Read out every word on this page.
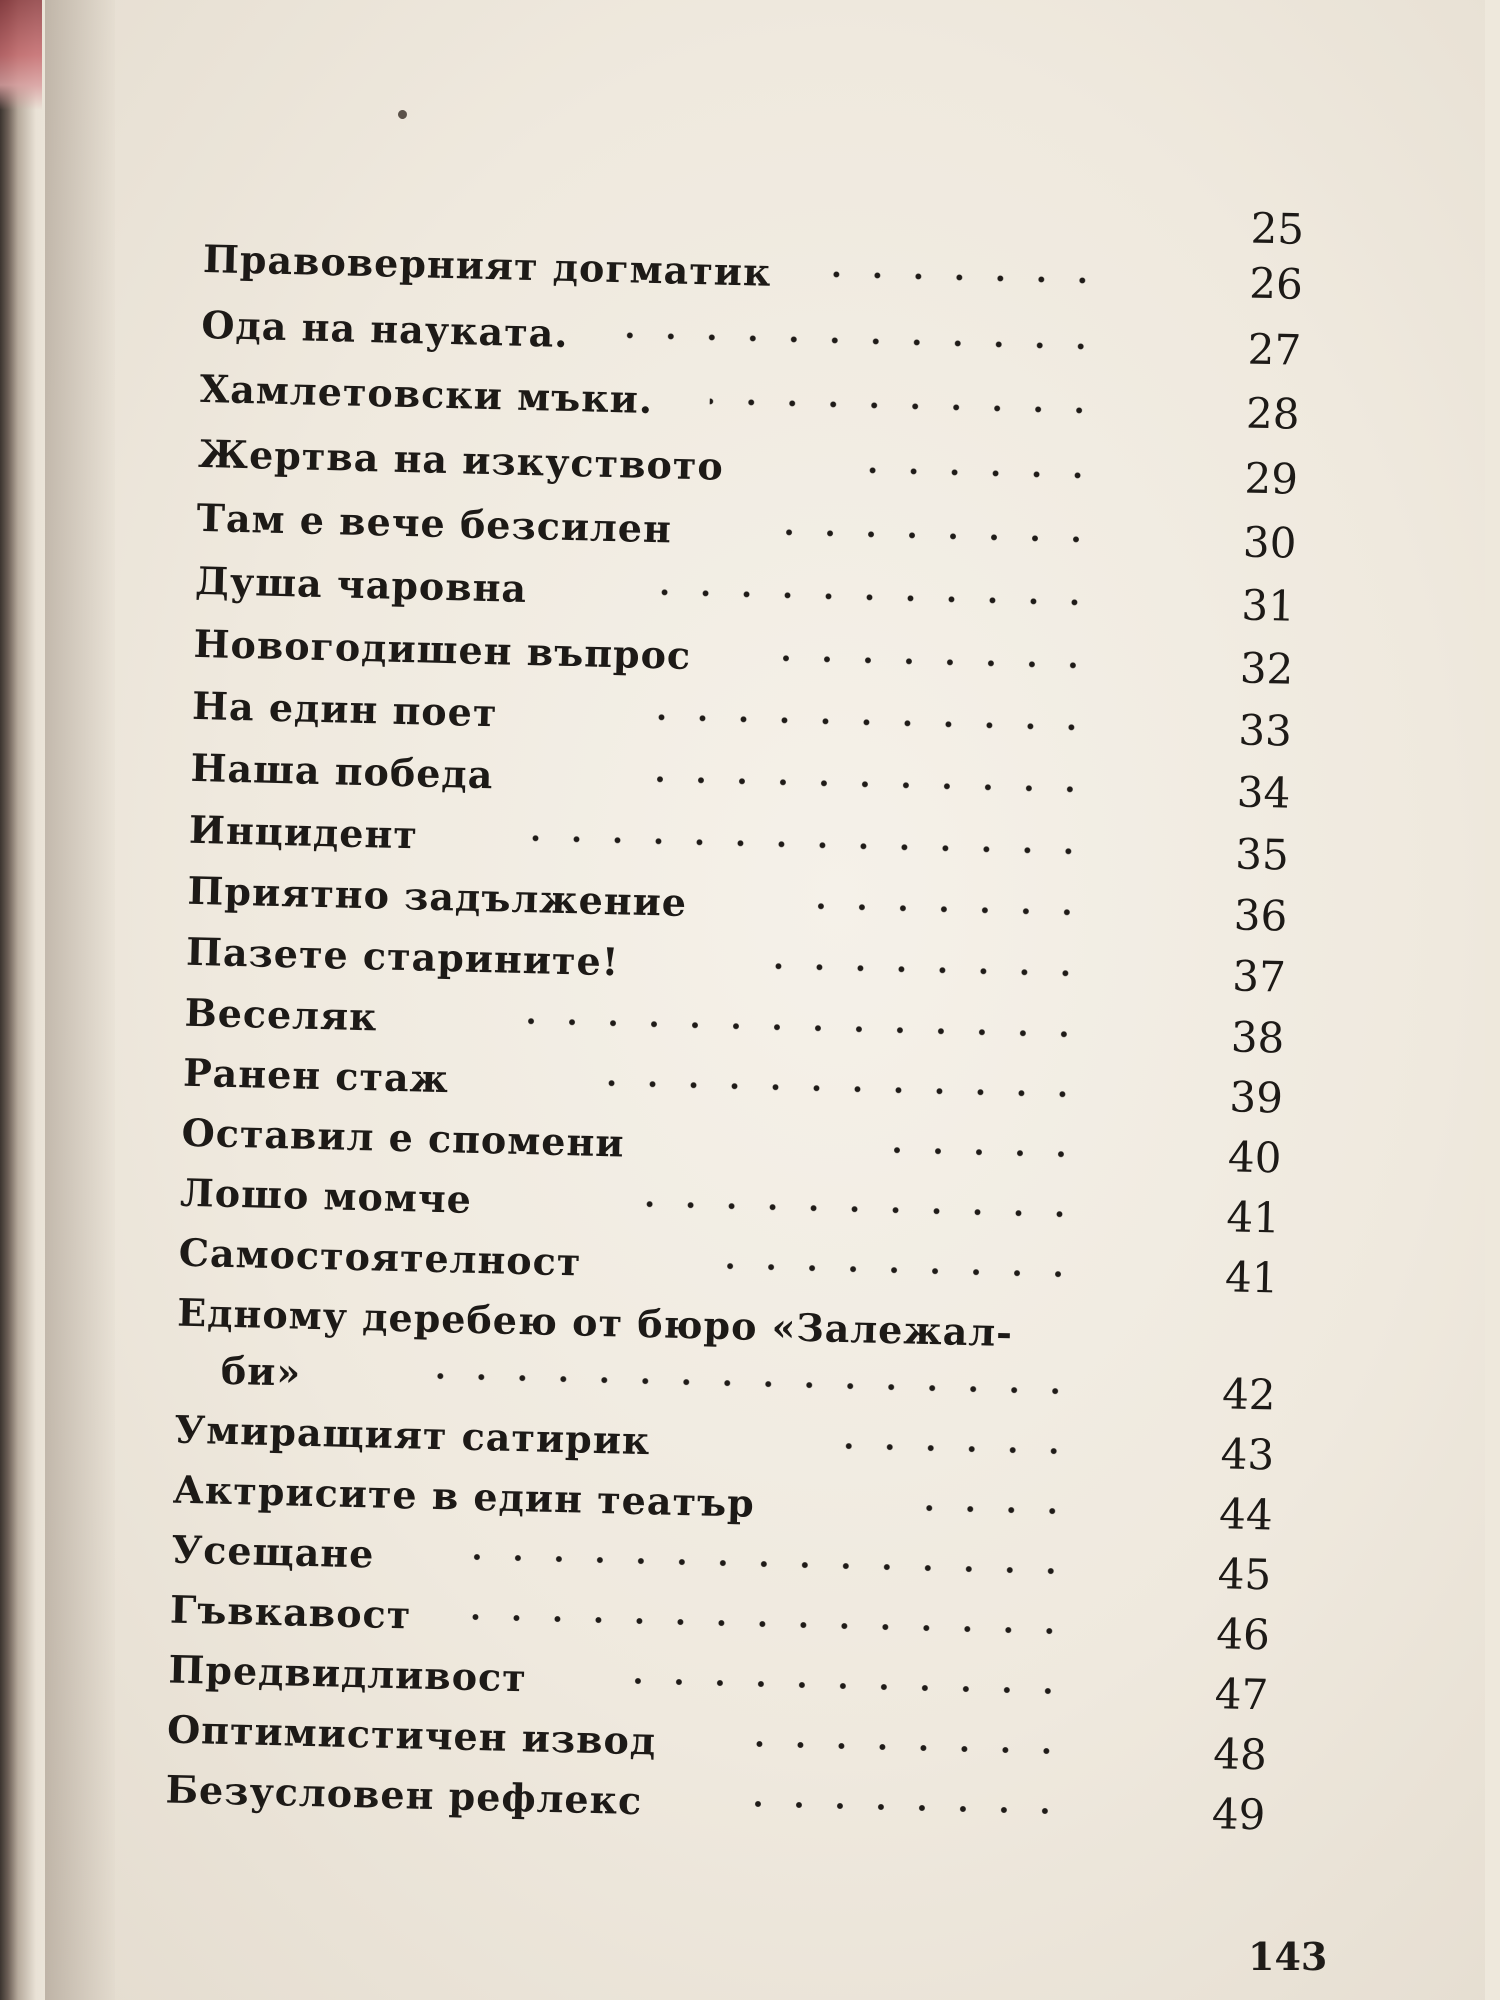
25
Правоверният догматик	26
Ода на науката.	27
Хамлетовски мъки.	28
Жертва на изкуството	29
Там е вече безсилен	30
Душа чаровна	31
Новогодишен въпрос	32
На един поет	33
Наша победа	34
Инцидент	35
Приятно задължение	36
Пазете старините!	37
Веселяк	38
Ранен стаж	39
Оставил е спомени	40
Лошо момче	41
Самостоятелност	41
Едному деребею от бюро «Залежал-
би»	42
Умиращият сатирик	43
Актрисите в един театър	44
Усещане	45
Гъвкавост	46
Предвидливост	47
Оптимистичен извод	48
Безусловен рефлекс	49
143
